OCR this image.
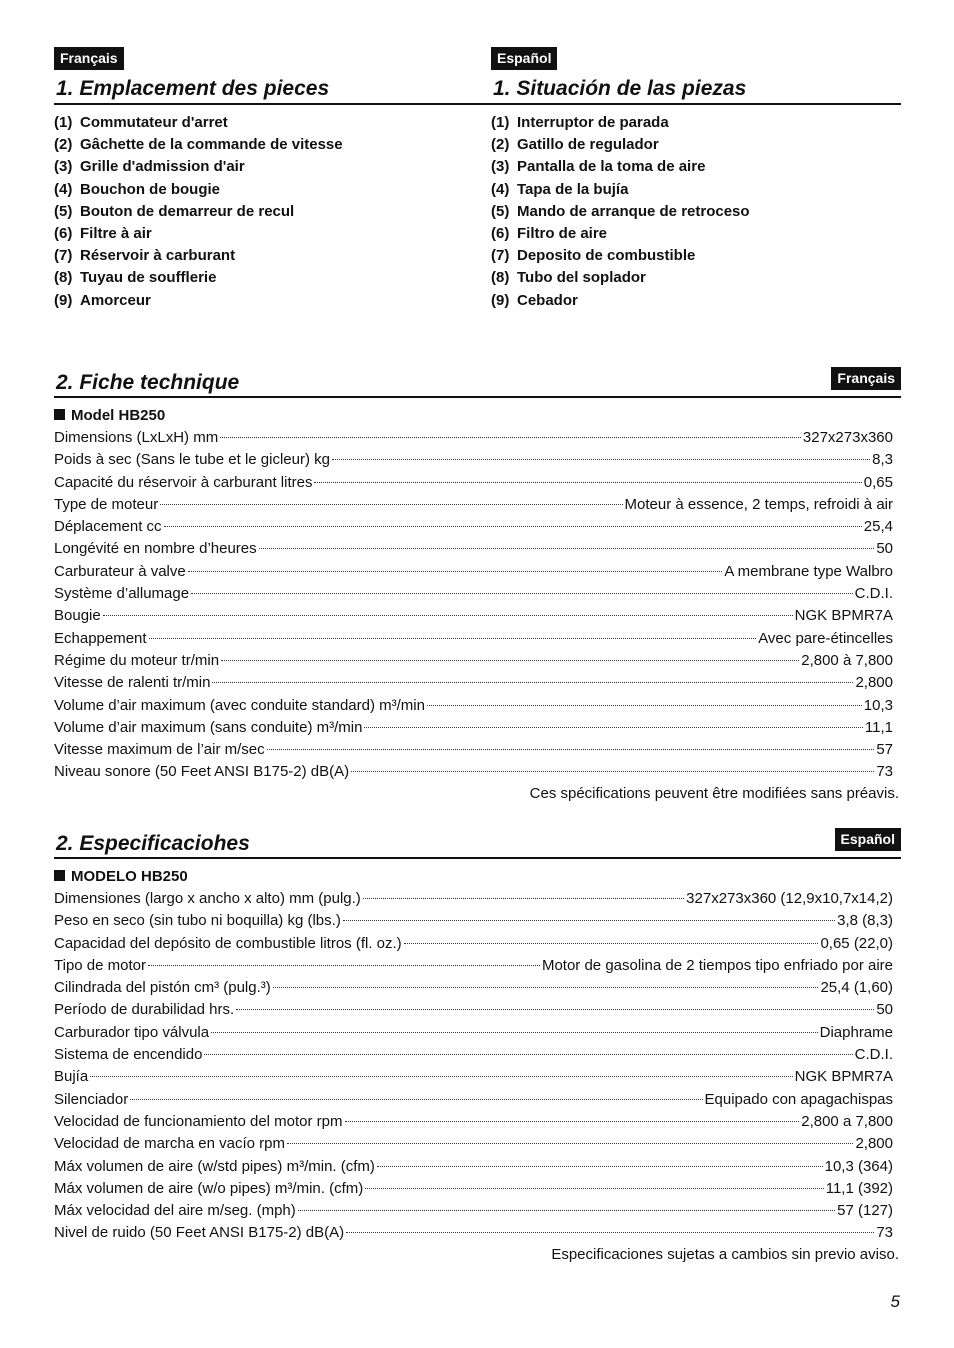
Français
1. Emplacement des pieces
(1) Commutateur d'arret
(2) Gâchette de la commande de vitesse
(3) Grille d'admission d'air
(4) Bouchon de bougie
(5) Bouton de demarreur de recul
(6) Filtre à air
(7) Réservoir à carburant
(8) Tuyau de soufflerie
(9) Amorceur
Español
1. Situación de las piezas
(1) Interruptor de parada
(2) Gatillo de regulador
(3) Pantalla de la toma de aire
(4) Tapa de la bujía
(5) Mando de arranque de retroceso
(6) Filtro de aire
(7) Deposito de combustible
(8) Tubo del soplador
(9) Cebador
2. Fiche technique	Français
Model HB250
Dimensions (LxLxH) mm	327x273x360
Poids à sec (Sans le tube et le gicleur) kg	8,3
Capacité du réservoir à carburant litres	0,65
Type de moteur	Moteur à essence, 2 temps, refroidi à air
Déplacement cc	25,4
Longévité en nombre d’heures	50
Carburateur à valve	A membrane type Walbro
Système d’allumage	C.D.I.
Bougie	NGK BPMR7A
Echappement	Avec pare-étincelles
Régime du moteur tr/min	2,800 à 7,800
Vitesse de ralenti tr/min	2,800
Volume d’air maximum (avec conduite standard) m³/min	10,3
Volume d’air maximum (sans conduite) m³/min	11,1
Vitesse maximum de l’air m/sec	57
Niveau sonore (50 Feet ANSI B175-2) dB(A)	73
Ces spécifications peuvent être modifiées sans préavis.
2. Especificaciohes	Español
MODELO HB250
Dimensiones (largo x ancho x alto) mm (pulg.)	327x273x360 (12,9x10,7x14,2)
Peso en seco (sin tubo ni boquilla) kg (lbs.)	3,8 (8,3)
Capacidad del depósito de combustible litros (fl. oz.)	0,65 (22,0)
Tipo de motor	Motor de gasolina de 2 tiempos tipo enfriado por aire
Cilindrada del pistón cm³ (pulg.³)	25,4 (1,60)
Período de durabilidad hrs.	50
Carburador tipo válvula	Diaphrame
Sistema de encendido	C.D.I.
Bujía	NGK BPMR7A
Silenciador	Equipado con apagachispas
Velocidad de funcionamiento del motor rpm	2,800 a 7,800
Velocidad de marcha en vacío rpm	2,800
Máx volumen de aire (w/std pipes) m³/min. (cfm)	10,3 (364)
Máx volumen de aire (w/o pipes) m³/min. (cfm)	11,1 (392)
Máx velocidad del aire m/seg. (mph)	57 (127)
Nivel de ruido (50 Feet ANSI B175-2) dB(A)	73
Especificaciones sujetas a cambios sin previo aviso.
5
